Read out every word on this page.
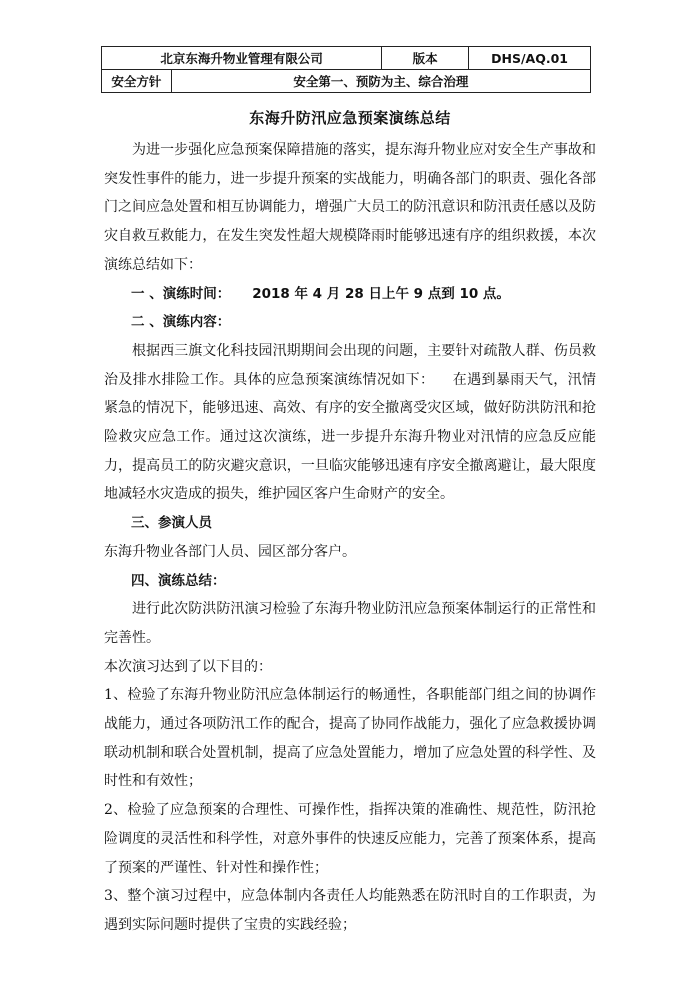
北京东海升物业管理有限公司		版本	DHS/AQ.01
安全方针	安全第一、预防为主、综合治理		
东海升防汛应急预案演练总结

为进一步强化应急预案保障措施的落实，提东海升物业应对安全生产事故和突发性事件的能力，进一步提升预案的实战能力，明确各部门的职责、强化各部门之间应急处置和相互协调能力，增强广大员工的防汛意识和防汛责任感以及防灾自救互救能力，在发生突发性超大规模降雨时能够迅速有序的组织救援，本次演练总结如下：

一 、演练时间： 2018 年 4 月 28 日上午 9 点到 10 点。

二 、演练内容：

根据西三旗文化科技园汛期期间会出现的问题，主要针对疏散人群、伤员救治及排水排险工作。具体的应急预案演练情况如下： 在遇到暴雨天气，汛情紧急的情况下，能够迅速、高效、有序的安全撤离受灾区域，做好防洪防汛和抢险救灾应急工作。通过这次演练，进一步提升东海升物业对汛情的应急反应能力，提高员工的防灾避灾意识，一旦临灾能够迅速有序安全撤离避让，最大限度地减轻水灾造成的损失，维护园区客户生命财产的安全。

三、参演人员

东海升物业各部门人员、园区部分客户。

四、演练总结：

进行此次防洪防汛演习检验了东海升物业防汛应急预案体制运行的正常性和完善性。

本次演习达到了以下目的：

1、检验了东海升物业防汛应急体制运行的畅通性，各职能部门组之间的协调作战能力，通过各项防汛工作的配合，提高了协同作战能力，强化了应急救援协调联动机制和联合处置机制，提高了应急处置能力，增加了应急处置的科学性、及时性和有效性；

2、检验了应急预案的合理性、可操作性，指挥决策的准确性、规范性，防汛抢险调度的灵活性和科学性，对意外事件的快速反应能力，完善了预案体系，提高了预案的严谨性、针对性和操作性；

3、整个演习过程中，应急体制内各责任人均能熟悉在防汛时自的工作职责，为遇到实际问题时提供了宝贵的实践经验；
